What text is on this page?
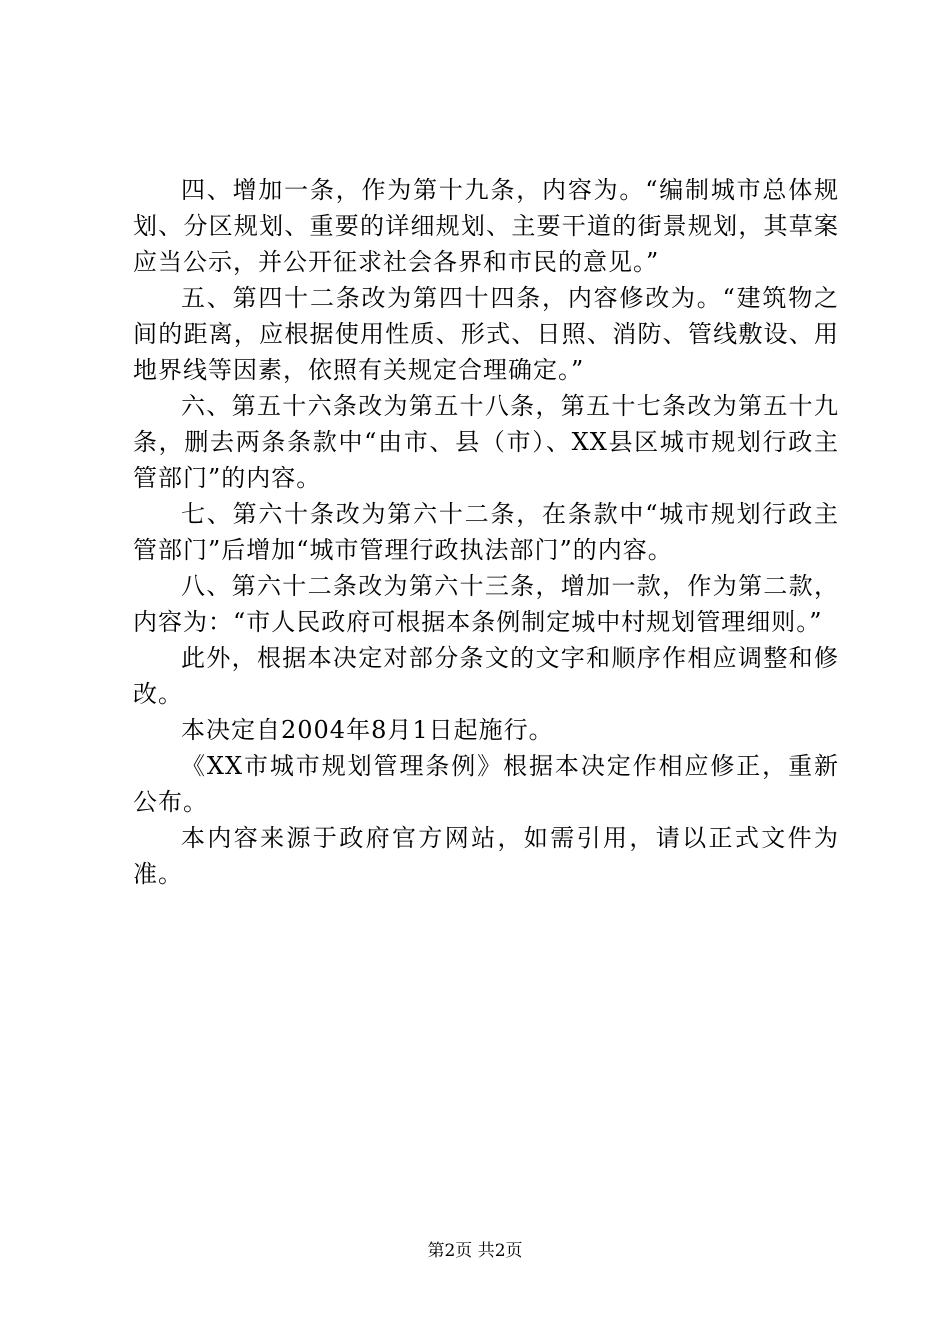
四、增加一条，作为第十九条，内容为。“编制城市总体规划、分区规划、重要的详细规划、主要干道的街景规划，其草案应当公示，并公开征求社会各界和市民的意见。”

五、第四十二条改为第四十四条，内容修改为。“建筑物之间的距离，应根据使用性质、形式、日照、消防、管线敷设、用地界线等因素，依照有关规定合理确定。”

六、第五十六条改为第五十八条，第五十七条改为第五十九条，删去两条条款中“由市、县（市）、XX县区城市规划行政主管部门”的内容。

七、第六十条改为第六十二条，在条款中“城市规划行政主管部门”后增加“城市管理行政执法部门”的内容。

八、第六十二条改为第六十三条，增加一款，作为第二款，内容为：“市人民政府可根据本条例制定城中村规划管理细则。”

此外，根据本决定对部分条文的文字和顺序作相应调整和修改。

本决定自2004年8月1日起施行。

《XX市城市规划管理条例》根据本决定作相应修正，重新公布。

本内容来源于政府官方网站，如需引用，请以正式文件为准。

第2页 共2页
